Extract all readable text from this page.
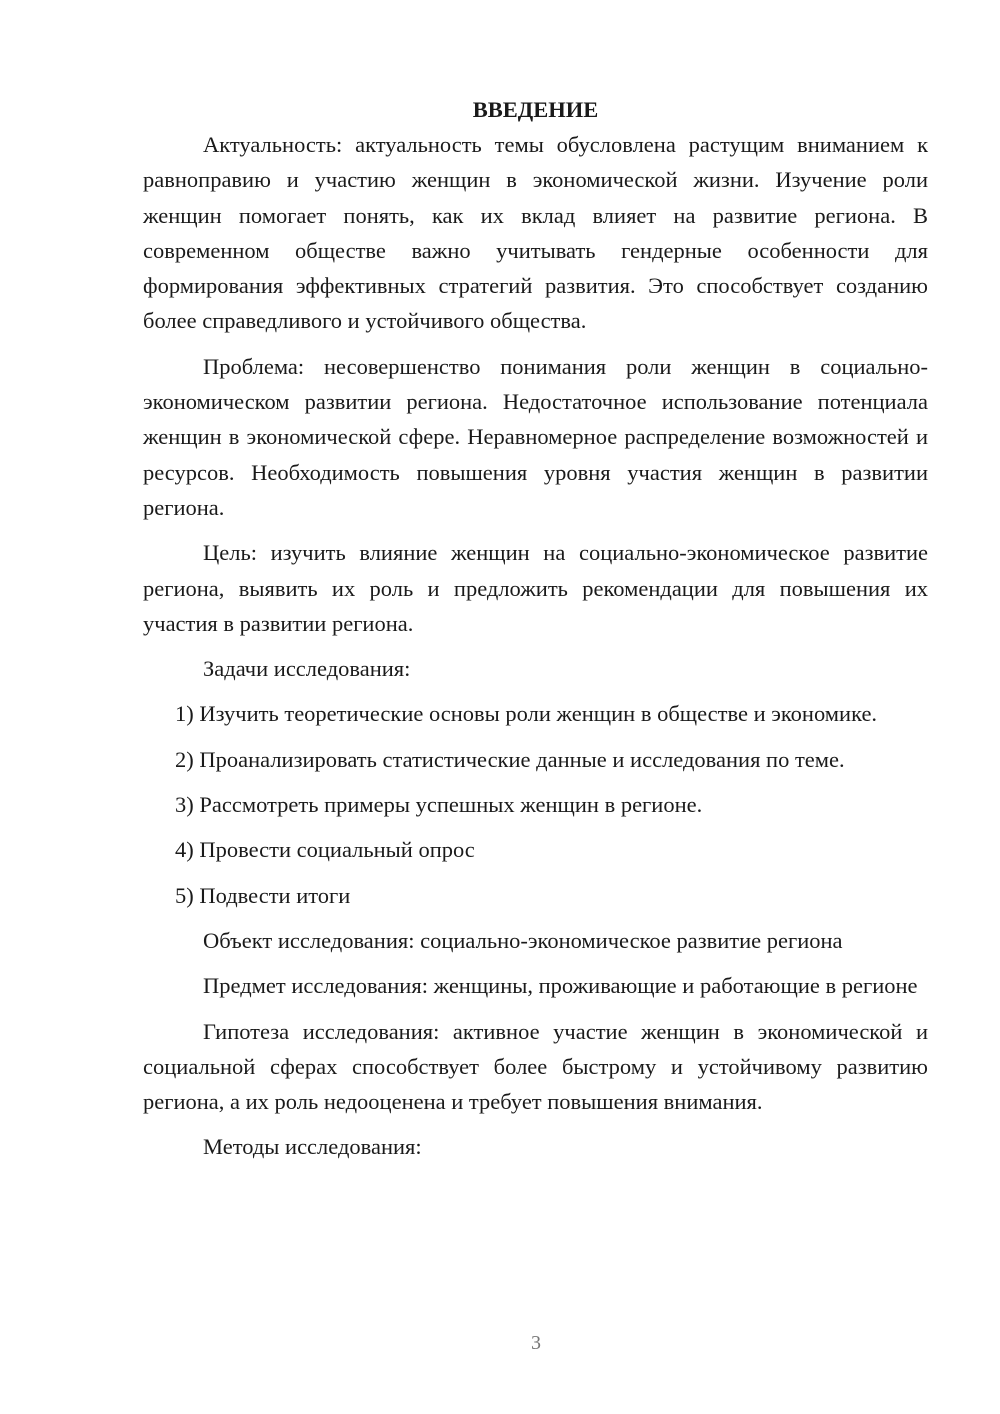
ВВЕДЕНИЕ

Актуальность: актуальность темы обусловлена растущим вниманием к равноправию и участию женщин в экономической жизни. Изучение роли женщин помогает понять, как их вклад влияет на развитие региона. В современном обществе важно учитывать гендерные особенности для формирования эффективных стратегий развития. Это способствует созданию более справедливого и устойчивого общества.

Проблема: несовершенство понимания роли женщин в социально-экономическом развитии региона. Недостаточное использование потенциала женщин в экономической сфере. Неравномерное распределение возможностей и ресурсов. Необходимость повышения уровня участия женщин в развитии региона.

Цель: изучить влияние женщин на социально-экономическое развитие региона, выявить их роль и предложить рекомендации для повышения их участия в развитии региона.

Задачи исследования:

1) Изучить теоретические основы роли женщин в обществе и экономике.

2) Проанализировать статистические данные и исследования по теме.

3) Рассмотреть примеры успешных женщин в регионе.

4) Провести социальный опрос

5) Подвести итоги

Объект исследования: социально-экономическое развитие региона

Предмет исследования: женщины, проживающие и работающие в регионе

Гипотеза исследования: активное участие женщин в экономической и социальной сферах способствует более быстрому и устойчивому развитию региона, а их роль недооценена и требует повышения внимания.

Методы исследования:

3
